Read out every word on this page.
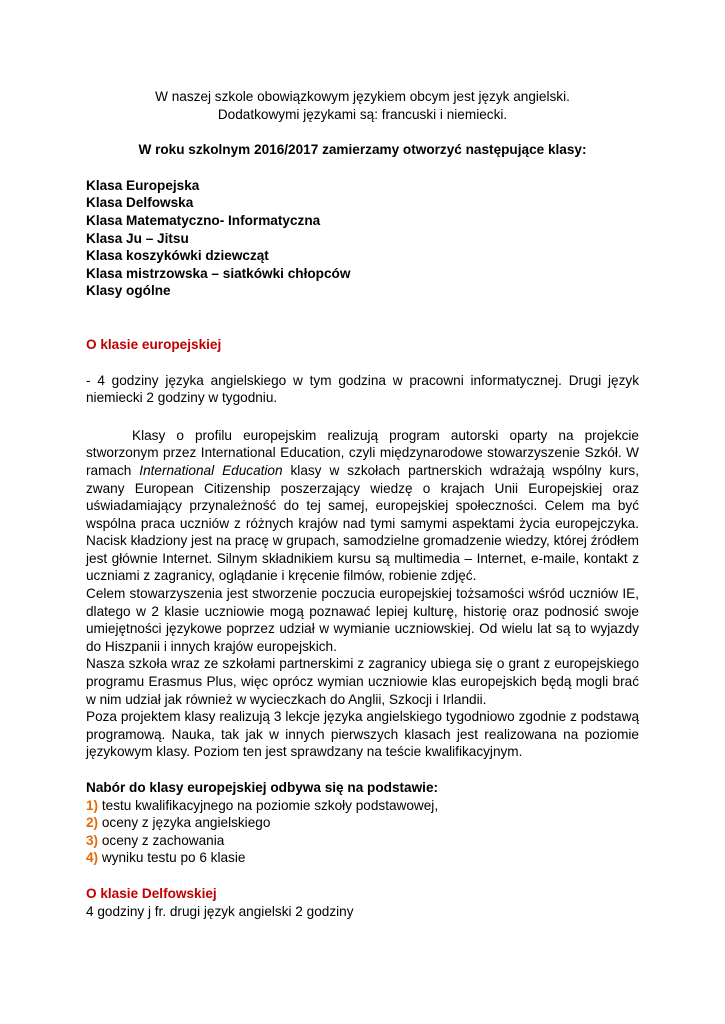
W naszej szkole obowiązkowym językiem obcym jest język angielski.

Dodatkowymi językami są: francuski i niemiecki.

W roku szkolnym 2016/2017 zamierzamy otworzyć następujące klasy:

Klasa Europejska

Klasa Delfowska

Klasa Matematyczno- Informatyczna

Klasa Ju – Jitsu

Klasa koszykówki dziewcząt

Klasa mistrzowska – siatkówki chłopców

Klasy ogólne

O klasie europejskiej

- 4 godziny języka angielskiego w tym godzina w pracowni informatycznej. Drugi język niemiecki 2 godziny w tygodniu.

Klasy o profilu europejskim realizują program autorski oparty na projekcie stworzonym przez International Education, czyli międzynarodowe stowarzyszenie Szkół. W ramach International Education klasy w szkołach partnerskich wdrażają wspólny kurs, zwany European Citizenship poszerzający wiedzę o krajach Unii Europejskiej oraz uświadamiający przynależność do tej samej, europejskiej społeczności. Celem ma być wspólna praca uczniów z różnych krajów nad tymi samymi aspektami życia europejczyka. Nacisk kładziony jest na pracę w grupach, samodzielne gromadzenie wiedzy, której źródłem jest głównie Internet. Silnym składnikiem kursu są multimedia – Internet, e-maile, kontakt z uczniami z zagranicy, oglądanie i kręcenie filmów, robienie zdjęć.

Celem stowarzyszenia jest stworzenie poczucia europejskiej tożsamości wśród uczniów IE, dlatego w 2 klasie uczniowie mogą poznawać lepiej kulturę, historię oraz podnosić swoje umiejętności językowe poprzez udział w wymianie uczniowskiej. Od wielu lat są to wyjazdy do Hiszpanii i innych krajów europejskich.

Nasza szkoła wraz ze szkołami partnerskimi z zagranicy ubiega się o grant z europejskiego programu Erasmus Plus, więc oprócz wymian uczniowie klas europejskich będą mogli brać w nim udział jak również w wycieczkach do Anglii, Szkocji i Irlandii.

Poza projektem klasy realizują 3 lekcje języka angielskiego tygodniowo zgodnie z podstawą programową. Nauka, tak jak w innych pierwszych klasach jest realizowana na poziomie językowym klasy. Poziom ten jest sprawdzany na teście kwalifikacyjnym.

Nabór do klasy europejskiej odbywa się na podstawie:

1) testu kwalifikacyjnego na poziomie szkoły podstawowej,

2) oceny z języka angielskiego

3) oceny z zachowania

4) wyniku testu po 6 klasie

O klasie Delfowskiej

4 godziny j fr. drugi język angielski 2 godziny
